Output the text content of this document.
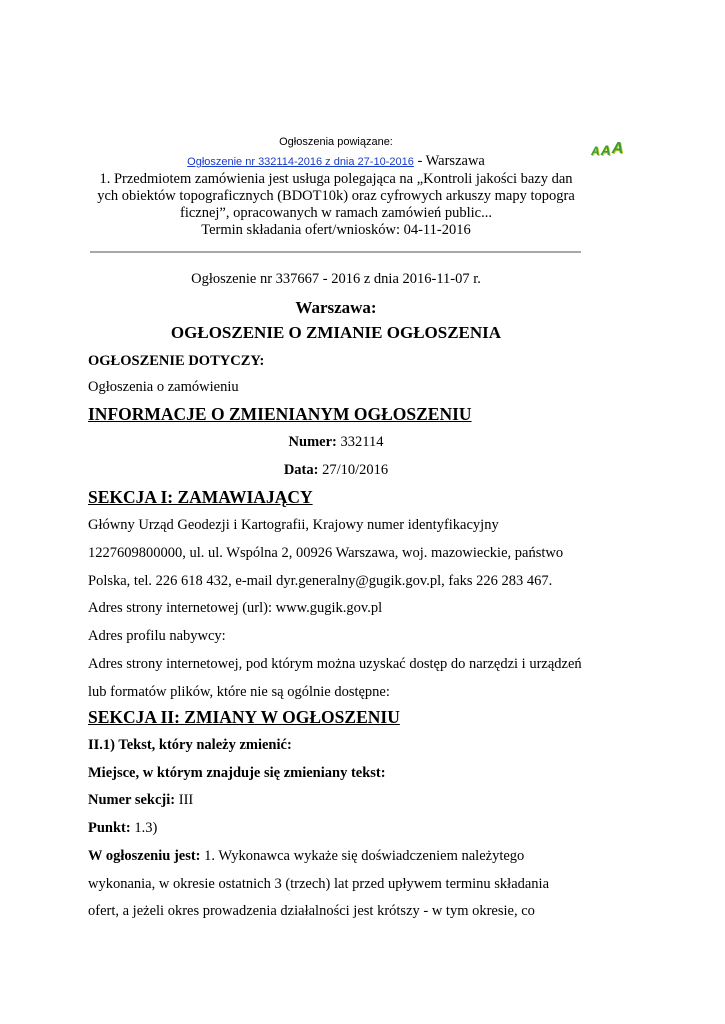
Ogłoszenia powiązane:
Ogłoszenie nr 332114-2016 z dnia 27-10-2016 - Warszawa
1. Przedmiotem zamówienia jest usługa polegająca na „Kontroli jakości bazy dan
ych obiektów topograficznych (BDOT10k) oraz cyfrowych arkuszy mapy topogra
ficznej”, opracowanych w ramach zamówień public...
Termin składania ofert/wniosków: 04-11-2016
A A A
Ogłoszenie nr 337667 - 2016 z dnia 2016-11-07 r.
Warszawa:
OGŁOSZENIE O ZMIANIE OGŁOSZENIA
OGŁOSZENIE DOTYCZY:
Ogłoszenia o zamówieniu
INFORMACJE O ZMIENIANYM OGŁOSZENIU
Numer: 332114
Data: 27/10/2016
SEKCJA I: ZAMAWIAJĄCY
Główny Urząd Geodezji i Kartografii, Krajowy numer identyfikacyjny
1227609800000, ul. ul. Wspólna 2, 00926 Warszawa, woj. mazowieckie, państwo
Polska, tel. 226 618 432, e-mail dyr.generalny@gugik.gov.pl, faks 226 283 467.
Adres strony internetowej (url): www.gugik.gov.pl
Adres profilu nabywcy:
Adres strony internetowej, pod którym można uzyskać dostęp do narzędzi i urządzeń
lub formatów plików, które nie są ogólnie dostępne:
SEKCJA II: ZMIANY W OGŁOSZENIU
II.1) Tekst, który należy zmienić:
Miejsce, w którym znajduje się zmieniany tekst:
Numer sekcji: III
Punkt: 1.3)
W ogłoszeniu jest: 1. Wykonawca wykaże się doświadczeniem należytego
wykonania, w okresie ostatnich 3 (trzech) lat przed upływem terminu składania
ofert, a jeżeli okres prowadzenia działalności jest krótszy - w tym okresie, co
